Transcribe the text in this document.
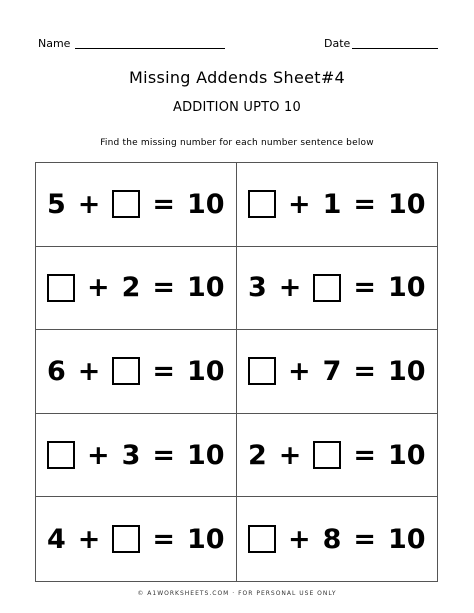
Name	Date
Missing Addends Sheet#4
ADDITION UPTO 10
Find the missing number for each number sentence below
5 + = 10 + 1 = 10
+ 2 = 10 3 + = 10
6 + = 10 + 7 = 10
+ 3 = 10 2 + = 10
4 + = 10 + 8 = 10
© A1WORKSHEETS.COM · FOR PERSONAL USE ONLY
